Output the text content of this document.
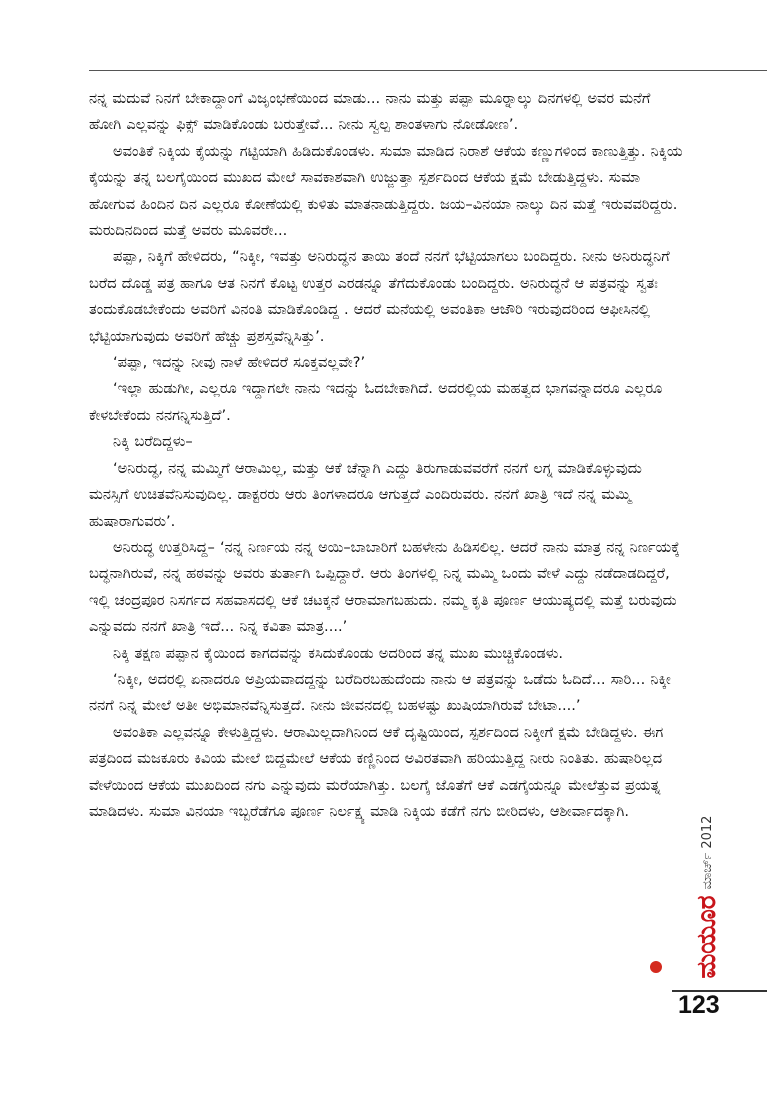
ನನ್ನ ಮದುವೆ ನಿನಗೆ ಬೇಕಾದ್ದಾಂಗೆ ವಿಜೃಂಭಣೆಯಿಂದ ಮಾಡು... ನಾನು ಮತ್ತು ಪಪ್ಪಾ ಮೂರ್‍ನಾಲ್ಕು ದಿನಗಳಲ್ಲಿ ಅವರ ಮನೆಗೆ ಹೋಗಿ ಎಲ್ಲವನ್ನು ಫಿಕ್ಸ್ ಮಾಡಿಕೊಂಡು ಬರುತ್ತೇವೆ... ನೀನು ಸ್ವಲ್ಪ ಶಾಂತಳಾಗು ನೋಡೋಣ’.

ಅವಂತಿಕೆ ನಿಕ್ಕಿಯ ಕೈಯನ್ನು ಗಟ್ಟಿಯಾಗಿ ಹಿಡಿದುಕೊಂಡಳು. ಸುಮಾ ಮಾಡಿದ ನಿರಾಶೆ ಆಕೆಯ ಕಣ್ಣುಗಳಿಂದ ಕಾಣುತ್ತಿತ್ತು. ನಿಕ್ಕಿಯ ಕೈಯನ್ನು ತನ್ನ ಬಲಗೈಯಿಂದ ಮುಖದ ಮೇಲೆ ಸಾವಕಾಶವಾಗಿ ಉಜ್ಜುತ್ತಾ ಸ್ಪರ್ಶದಿಂದ ಆಕೆಯ ಕ್ಷಮೆ ಬೇಡುತ್ತಿದ್ದಳು. ಸುಮಾ ಹೋಗುವ ಹಿಂದಿನ ದಿನ ಎಲ್ಲರೂ ಕೋಣೆಯಲ್ಲಿ ಕುಳಿತು ಮಾತನಾಡುತ್ತಿದ್ದರು. ಜಯ–ವಿನಯಾ ನಾಲ್ಕು ದಿನ ಮತ್ತೆ ಇರುವವರಿದ್ದರು. ಮರುದಿನದಿಂದ ಮತ್ತೆ ಅವರು ಮೂವರೇ...

ಪಪ್ಪಾ, ನಿಕ್ಕಿಗೆ ಹೇಳಿದರು, “ನಿಕ್ಕೀ, ಇವತ್ತು ಅನಿರುದ್ಧನ ತಾಯಿ ತಂದೆ ನನಗೆ ಭೆಟ್ಟಿಯಾಗಲು ಬಂದಿದ್ದರು. ನೀನು ಅನಿರುದ್ಧನಿಗೆ ಬರೆದ ದೊಡ್ಡ ಪತ್ರ ಹಾಗೂ ಆತ ನಿನಗೆ ಕೊಟ್ಟ ಉತ್ತರ ಎರಡನ್ನೂ ತೆಗೆದುಕೊಂಡು ಬಂದಿದ್ದರು. ಅನಿರುದ್ಧನೆ ಆ ಪತ್ರವನ್ನು ಸ್ವತಃ ತಂದುಕೊಡಬೇಕೆಂದು ಅವರಿಗೆ ವಿನಂತಿ ಮಾಡಿಕೊಂಡಿದ್ದ . ಆದರೆ ಮನೆಯಲ್ಲಿ ಅವಂತಿಕಾ ಆಜೌರಿ ಇರುವುದರಿಂದ ಆಫೀಸಿನಲ್ಲಿ ಭೆಟ್ಟಿಯಾಗುವುದು ಅವರಿಗೆ ಹೆಚ್ಚು ಪ್ರಶಸ್ತವೆನ್ನಿಸಿತ್ತು’.

‘ಪಪ್ಪಾ, ಇದನ್ನು ನೀವು ನಾಳೆ ಹೇಳಿದರೆ ಸೂಕ್ತವಲ್ಲವೇ?’

‘ಇಲ್ಲಾ ಹುಡುಗೀ, ಎಲ್ಲರೂ ಇದ್ದಾಗಲೇ ನಾನು ಇದನ್ನು ಓದಬೇಕಾಗಿದೆ. ಅದರಲ್ಲಿಯ ಮಹತ್ವದ ಭಾಗವನ್ನಾದರೂ ಎಲ್ಲರೂ ಕೇಳಬೇಕೆಂದು ನನಗನ್ನಿಸುತ್ತಿದೆ’.

ನಿಕ್ಕಿ ಬರೆದಿದ್ದಳು–

‘ಅನಿರುದ್ಧ, ನನ್ನ ಮಮ್ಮಿಗೆ ಆರಾಮಿಲ್ಲ, ಮತ್ತು ಆಕೆ ಚೆನ್ನಾಗಿ ಎದ್ದು ತಿರುಗಾಡುವವರೆಗೆ ನನಗೆ ಲಗ್ನ ಮಾಡಿಕೊಳ್ಳುವುದು ಮನಸ್ಸಿಗೆ ಉಚಿತವೆನಿಸುವುದಿಲ್ಲ. ಡಾಕ್ಟರರು ಆರು ತಿಂಗಳಾದರೂ ಆಗುತ್ತದೆ ಎಂದಿರುವರು. ನನಗೆ ಖಾತ್ರಿ ಇದೆ ನನ್ನ ಮಮ್ಮಿ ಹುಷಾರಾಗುವರು’.

ಅನಿರುದ್ಧ ಉತ್ತರಿಸಿದ್ದ– ‘ನನ್ನ ನಿರ್ಣಯ ನನ್ನ ಅಯಿ–ಬಾಬಾರಿಗೆ ಬಹಳೇನು ಹಿಡಿಸಲಿಲ್ಲ. ಆದರೆ ನಾನು ಮಾತ್ರ ನನ್ನ ನಿರ್ಣಯಕ್ಕೆ ಬದ್ಧನಾಗಿರುವೆ, ನನ್ನ ಹಠವನ್ನು ಅವರು ತುರ್ತಾಗಿ ಒಪ್ಪಿದ್ದಾರೆ. ಆರು ತಿಂಗಳಲ್ಲಿ ನಿನ್ನ ಮಮ್ಮಿ ಒಂದು ವೇಳೆ ಎದ್ದು ನಡೆದಾಡದಿದ್ದರೆ, ಇಲ್ಲಿ ಚಂದ್ರಪೂರ ನಿಸರ್ಗದ ಸಹವಾಸದಲ್ಲಿ ಆಕೆ ಚಟಕ್ಕನೆ ಆರಾಮಾಗಬಹುದು. ನಮ್ಮ ಕೃತಿ ಪೂರ್ಣ ಆಯುಷ್ಯದಲ್ಲಿ ಮತ್ತೆ ಬರುವುದು ಎನ್ನುವದು ನನಗೆ ಖಾತ್ರಿ ಇದೆ... ನಿನ್ನ ಕವಿತಾ ಮಾತ್ರ....’

ನಿಕ್ಕಿ ತಕ್ಷಣ ಪಪ್ಪಾನ ಕೈಯಿಂದ ಕಾಗದವನ್ನು ಕಸಿದುಕೊಂಡು ಅದರಿಂದ ತನ್ನ ಮುಖ ಮುಚ್ಚಿಕೊಂಡಳು.

‘ನಿಕ್ಕೀ, ಅದರಲ್ಲಿ ಏನಾದರೂ ಅಪ್ರಿಯವಾದದ್ದನ್ನು ಬರೆದಿರಬಹುದೆಂದು ನಾನು ಆ ಪತ್ರವನ್ನು ಒಡೆದು ಓದಿದೆ... ಸಾರಿ... ನಿಕ್ಕೀ ನನಗೆ ನಿನ್ನ ಮೇಲೆ ಅತೀ ಅಭಿಮಾನವೆನ್ನಿಸುತ್ತದೆ. ನೀನು ಜೀವನದಲ್ಲಿ ಬಹಳಷ್ಟು ಖುಷಿಯಾಗಿರುವೆ ಬೇಟಾ....’

ಅವಂತಿಕಾ ಎಲ್ಲವನ್ನೂ ಕೇಳುತ್ತಿದ್ದಳು. ಆರಾಮಿಲ್ಲದಾಗಿನಿಂದ ಆಕೆ ದೃಷ್ಟಿಯಿಂದ, ಸ್ಪರ್ಶದಿಂದ ನಿಕ್ಕೀಗೆ ಕ್ಷಮೆ ಬೇಡಿದ್ದಳು. ಈಗ ಪತ್ರದಿಂದ ಮಜಕೂರು ಕಿವಿಯ ಮೇಲೆ ಬಿದ್ದಮೇಲೆ ಆಕೆಯ ಕಣ್ಣಿನಿಂದ ಅವಿರತವಾಗಿ ಹರಿಯುತ್ತಿದ್ದ ನೀರು ನಿಂತಿತು. ಹುಷಾರಿಲ್ಲದ ವೇಳೆಯಿಂದ ಆಕೆಯ ಮುಖದಿಂದ ನಗು ಎನ್ನುವುದು ಮರೆಯಾಗಿತ್ತು. ಬಲಗೈ ಜೊತೆಗೆ ಆಕೆ ಎಡಗೈಯನ್ನೂ ಮೇಲೆತ್ತುವ ಪ್ರಯತ್ನ ಮಾಡಿದಳು. ಸುಮಾ ವಿನಯಾ ಇಬ್ಬರೆಡೆಗೂ ಪೂರ್ಣ ನಿರ್ಲಕ್ಷ್ಯ ಮಾಡಿ ನಿಕ್ಕಿಯ ಕಡೆಗೆ ನಗು ಬೀರಿದಳು, ಆಶೀರ್ವಾದಕ್ಕಾಗಿ.

ಮಯೂರ
ಮಾರ್ಚ್ 2012
123
